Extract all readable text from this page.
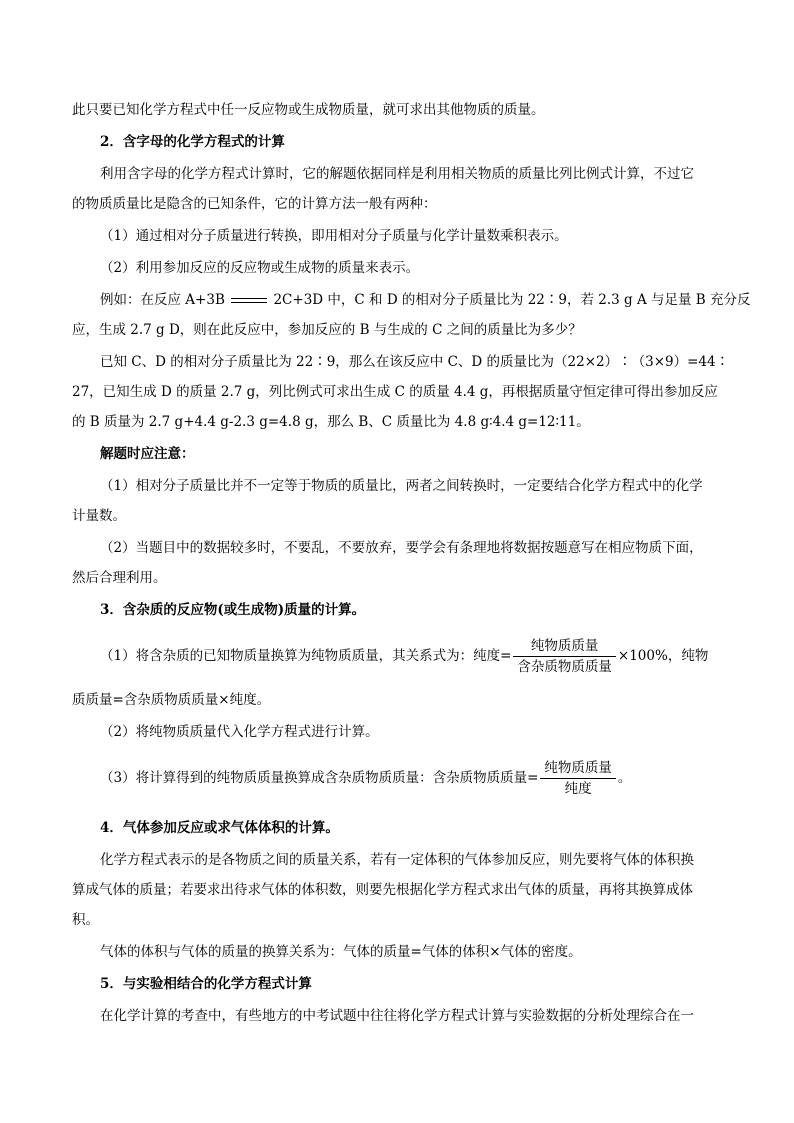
此只要已知化学方程式中任一反应物或生成物质量，就可求出其他物质的质量。
2．含字母的化学方程式的计算
利用含字母的化学方程式计算时，它的解题依据同样是利用相关物质的质量比列比例式计算，不过它
的物质质量比是隐含的已知条件，它的计算方法一般有两种：
（1）通过相对分子质量进行转换，即用相对分子质量与化学计量数乘积表示。
（2）利用参加反应的反应物或生成物的质量来表示。
例如：在反应 A+3B	2C+3D 中，C 和 D 的相对分子质量比为 22∶9，若 2.3 g A 与足量 B 充分反
应，生成 2.7 g D，则在此反应中，参加反应的 B 与生成的 C 之间的质量比为多少？
已知 C、D 的相对分子质量比为 22∶9，那么在该反应中 C、D 的质量比为（22×2）∶（3×9）=44∶
27，已知生成 D 的质量 2.7 g，列比例式可求出生成 C 的质量 4.4 g，再根据质量守恒定律可得出参加反应
的 B 质量为 2.7 g+4.4 g-2.3 g=4.8 g，那么 B、C 质量比为 4.8 g∶4.4 g=12∶11。
解题时应注意：
（1）相对分子质量比并不一定等于物质的质量比，两者之间转换时，一定要结合化学方程式中的化学
计量数。
（2）当题目中的数据较多时，不要乱，不要放弃，要学会有条理地将数据按题意写在相应物质下面，
然后合理利用。
3．含杂质的反应物(或生成物)质量的计算。
（1）将含杂质的已知物质量换算为纯物质质量，其关系式为：纯度= $\frac{\text{纯物质质量}}{\text{含杂质物质质量}} \times 100\%$，纯物
质质量=含杂质物质质量×纯度。
（2）将纯物质质量代入化学方程式进行计算。
（3）将计算得到的纯物质质量换算成含杂质物质质量：含杂质物质质量= $\frac{\text{纯物质质量}}{\text{纯度}}$ 。
4．气体参加反应或求气体体积的计算。
化学方程式表示的是各物质之间的质量关系，若有一定体积的气体参加反应，则先要将气体的体积换
算成气体的质量；若要求出待求气体的体积数，则要先根据化学方程式求出气体的质量，再将其换算成体
积。
气体的体积与气体的质量的换算关系为：气体的质量=气体的体积×气体的密度。
5．与实验相结合的化学方程式计算
在化学计算的考查中，有些地方的中考试题中往往将化学方程式计算与实验数据的分析处理综合在一
